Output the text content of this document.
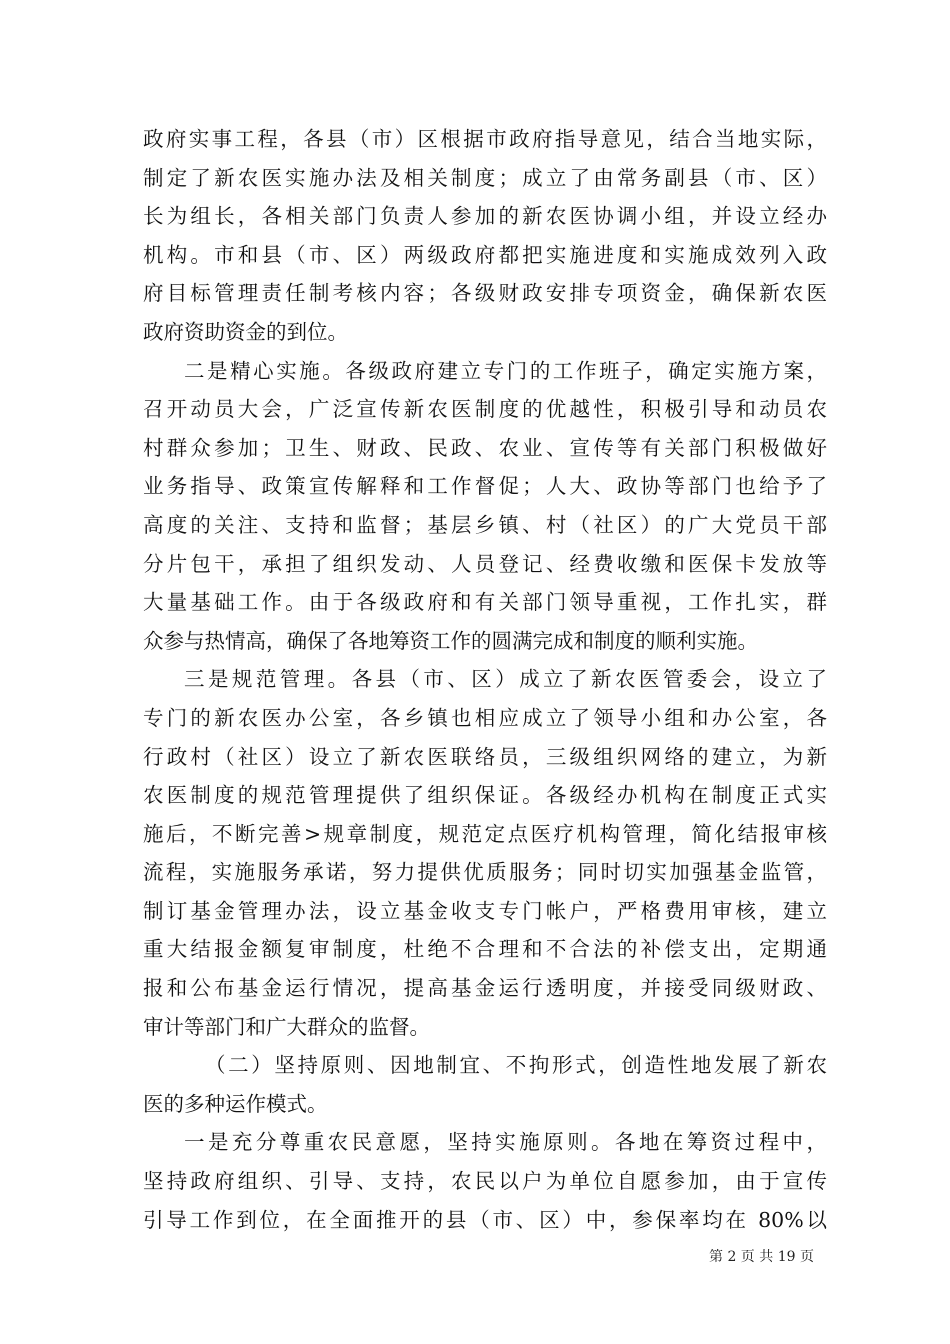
政府实事工程，各县（市）区根据市政府指导意见，结合当地实际，
制定了新农医实施办法及相关制度；成立了由常务副县（市、区）
长为组长，各相关部门负责人参加的新农医协调小组，并设立经办
机构。市和县（市、区）两级政府都把实施进度和实施成效列入政
府目标管理责任制考核内容；各级财政安排专项资金，确保新农医
政府资助资金的到位。
二是精心实施。各级政府建立专门的工作班子，确定实施方案，
召开动员大会，广泛宣传新农医制度的优越性，积极引导和动员农
村群众参加；卫生、财政、民政、农业、宣传等有关部门积极做好
业务指导、政策宣传解释和工作督促；人大、政协等部门也给予了
高度的关注、支持和监督；基层乡镇、村（社区）的广大党员干部
分片包干，承担了组织发动、人员登记、经费收缴和医保卡发放等
大量基础工作。由于各级政府和有关部门领导重视，工作扎实，群
众参与热情高，确保了各地筹资工作的圆满完成和制度的顺利实施。
三是规范管理。各县（市、区）成立了新农医管委会，设立了
专门的新农医办公室，各乡镇也相应成立了领导小组和办公室，各
行政村（社区）设立了新农医联络员，三级组织网络的建立，为新
农医制度的规范管理提供了组织保证。各级经办机构在制度正式实
施后，不断完善>规章制度，规范定点医疗机构管理，简化结报审核
流程，实施服务承诺，努力提供优质服务；同时切实加强基金监管，
制订基金管理办法，设立基金收支专门帐户，严格费用审核，建立
重大结报金额复审制度，杜绝不合理和不合法的补偿支出，定期通
报和公布基金运行情况，提高基金运行透明度，并接受同级财政、
审计等部门和广大群众的监督。
（二）坚持原则、因地制宜、不拘形式，创造性地发展了新农
医的多种运作模式。
一是充分尊重农民意愿，坚持实施原则。各地在筹资过程中，
坚持政府组织、引导、支持，农民以户为单位自愿参加，由于宣传
引导工作到位，在全面推开的县（市、区）中，参保率均在 80%以
第 2 页 共 19 页
